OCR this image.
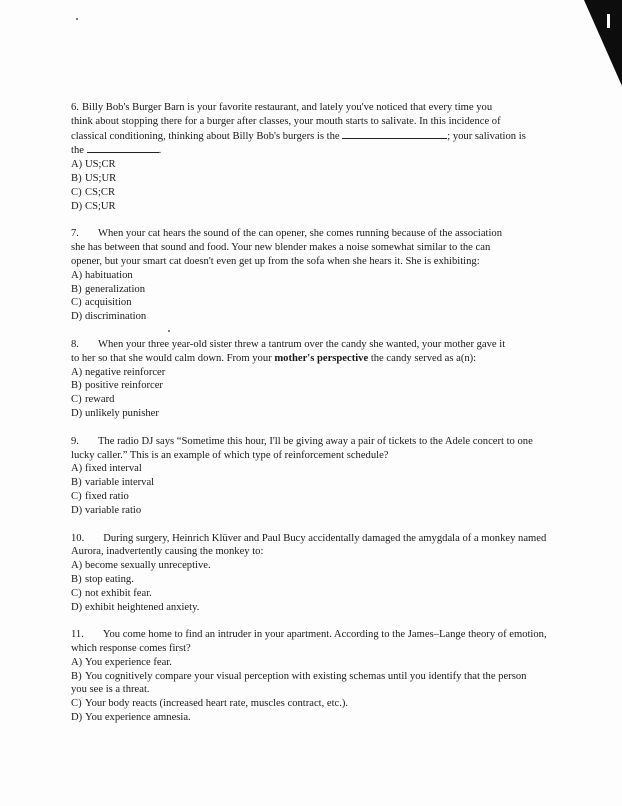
6. Billy Bob's Burger Barn is your favorite restaurant, and lately you've noticed that every time you
think about stopping there for a burger after classes, your mouth starts to salivate. In this incidence of
classical conditioning, thinking about Billy Bob's burgers is the	; your salivation is
the	.
A) US;CR
B) US;UR
C) CS;CR
D) CS;UR
7. When your cat hears the sound of the can opener, she comes running because of the association
she has between that sound and food. Your new blender makes a noise somewhat similar to the can
opener, but your smart cat doesn't even get up from the sofa when she hears it. She is exhibiting:
A) habituation
B) generalization
C) acquisition
D) discrimination
8. When your three year-old sister threw a tantrum over the candy she wanted, your mother gave it
to her so that she would calm down. From your mother's perspective the candy served as a(n):
A) negative reinforcer
B) positive reinforcer
C) reward
D) unlikely punisher
9. The radio DJ says “Sometime this hour, I'll be giving away a pair of tickets to the Adele concert to one
lucky caller.” This is an example of which type of reinforcement schedule?
A) fixed interval
B) variable interval
C) fixed ratio
D) variable ratio
10. During surgery, Heinrich Klüver and Paul Bucy accidentally damaged the amygdala of a monkey named
Aurora, inadvertently causing the monkey to:
A) become sexually unreceptive.
B) stop eating.
C) not exhibit fear.
D) exhibit heightened anxiety.
11. You come home to find an intruder in your apartment. According to the James–Lange theory of emotion,
which response comes first?
A) You experience fear.
B) You cognitively compare your visual perception with existing schemas until you identify that the person
you see is a threat.
C) Your body reacts (increased heart rate, muscles contract, etc.).
D) You experience amnesia.
